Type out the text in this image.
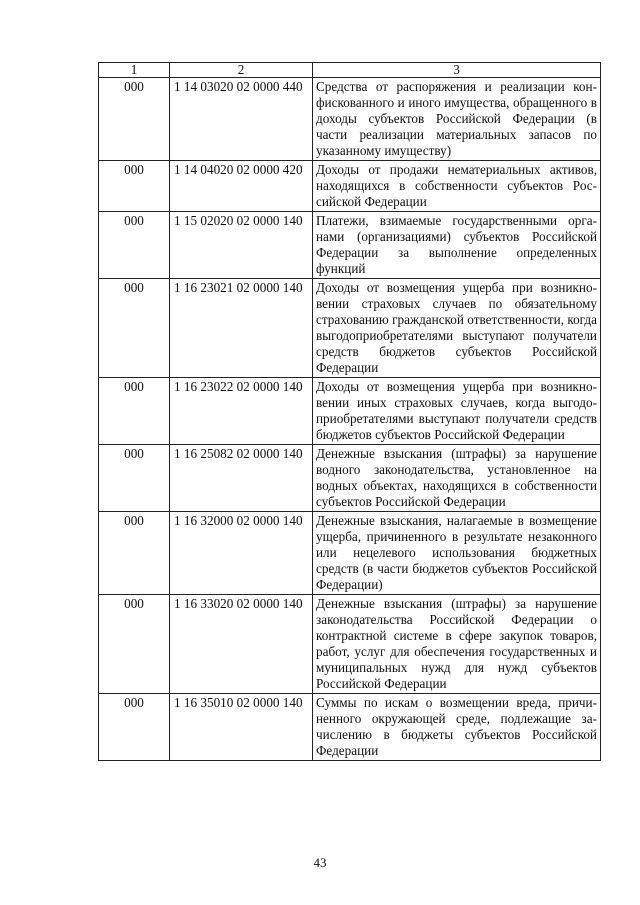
1	2	3
000	1 14 03020 02 0000 440	Средства от распоряжения и реализации конфискованного и иного имущества, обращенного в доходы субъектов Российской Федерации (в части реализации материальных запасов по указанному имуществу)
000	1 14 04020 02 0000 420	Доходы от продажи нематериальных активов, находящихся в собственности субъектов Российской Федерации
000	1 15 02020 02 0000 140	Платежи, взимаемые государственными органами (организациями) субъектов Российской Федерации за выполнение определенных функций
000	1 16 23021 02 0000 140	Доходы от возмещения ущерба при возникновении страховых случаев по обязательному страхованию гражданской ответственности, когда выгодоприобретателями выступают получатели средств бюджетов субъектов Российской Федерации
000	1 16 23022 02 0000 140	Доходы от возмещения ущерба при возникновении иных страховых случаев, когда выгодоприобретателями выступают получатели средств бюджетов субъектов Российской Федерации
000	1 16 25082 02 0000 140	Денежные взыскания (штрафы) за нарушение водного законодательства, установленное на водных объектах, находящихся в собственности субъектов Российской Федерации
000	1 16 32000 02 0000 140	Денежные взыскания, налагаемые в возмещение ущерба, причиненного в результате незаконного или нецелевого использования бюджетных средств (в части бюджетов субъектов Российской Федерации)
000	1 16 33020 02 0000 140	Денежные взыскания (штрафы) за нарушение законодательства Российской Федерации о контрактной системе в сфере закупок товаров, работ, услуг для обеспечения государственных и муниципальных нужд для нужд субъектов Российской Федерации
000	1 16 35010 02 0000 140	Суммы по искам о возмещении вреда, причиненного окружающей среде, подлежащие зачислению в бюджеты субъектов Российской Федерации
43
